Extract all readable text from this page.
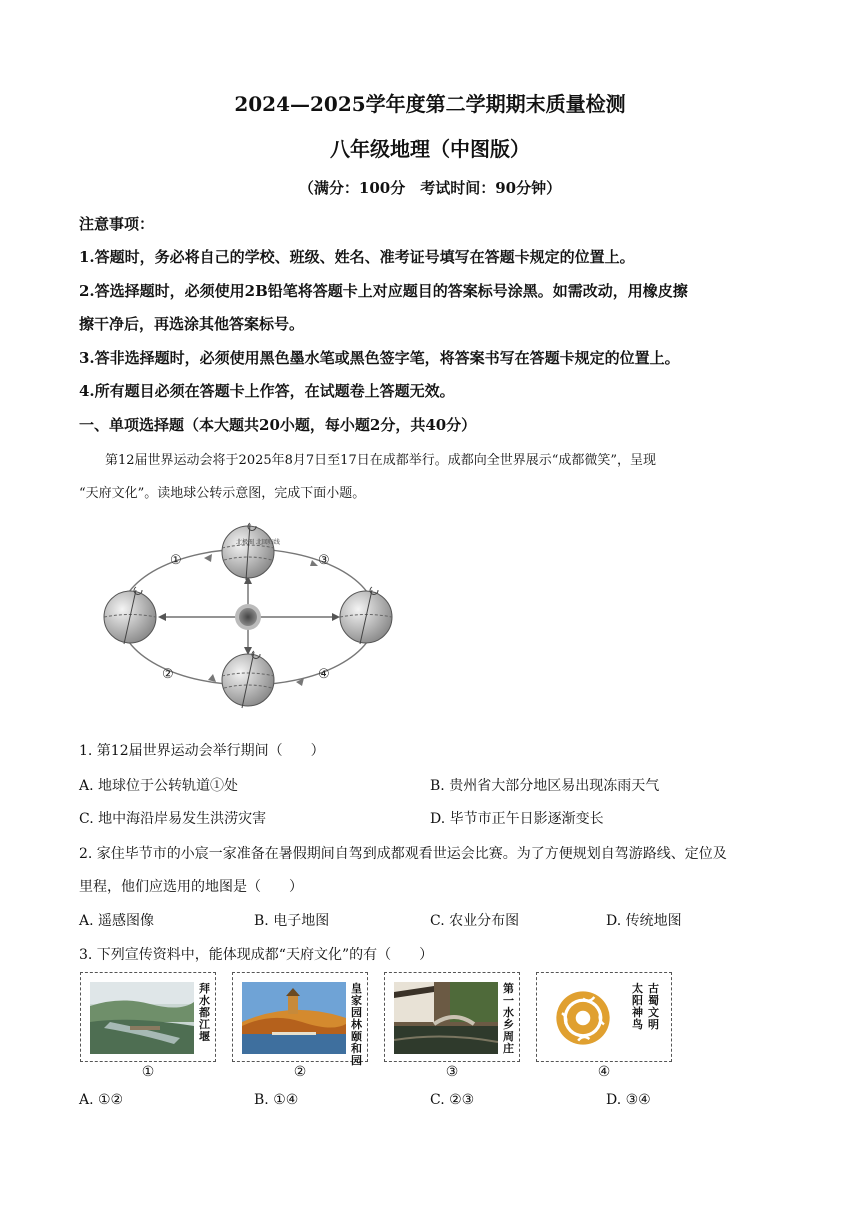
2024—2025学年度第二学期期末质量检测
八年级地理（中图版）
（满分：100分　考试时间：90分钟）
注意事项：
1.答题时，务必将自己的学校、班级、姓名、准考证号填写在答题卡规定的位置上。
2.答选择题时，必须使用2B铅笔将答题卡上对应题目的答案标号涂黑。如需改动，用橡皮擦
擦干净后，再选涂其他答案标号。
3.答非选择题时，必须使用黑色墨水笔或黑色签字笔，将答案书写在答题卡规定的位置上。
4.所有题目必须在答题卡上作答，在试题卷上答题无效。
一、单项选择题（本大题共20小题，每小题2分，共40分）
第12届世界运动会将于2025年8月7日至17日在成都举行。成都向全世界展示“成都微笑”，呈现
“天府文化”。读地球公转示意图，完成下面小题。
北极圈 北回归线
①
②
③
④
1. 第12届世界运动会举行期间（　　）
A. 地球位于公转轨道①处	B. 贵州省大部分地区易出现冻雨天气
C. 地中海沿岸易发生洪涝灾害	D. 毕节市正午日影逐渐变长
2. 家住毕节市的小宸一家准备在暑假期间自驾到成都观看世运会比赛。为了方便规划自驾游路线、定位及
里程，他们应选用的地图是（　　）
A. 遥感图像	B. 电子地图	C. 农业分布图	D. 传统地图
3. 下列宣传资料中，能体现成都“天府文化”的有（　　）
拜水都江堰
①
皇家园林颐和园
②
第一水乡周庄
③
太阳神鸟
古蜀文明
④
A. ①②	B. ①④	C. ②③	D. ③④
